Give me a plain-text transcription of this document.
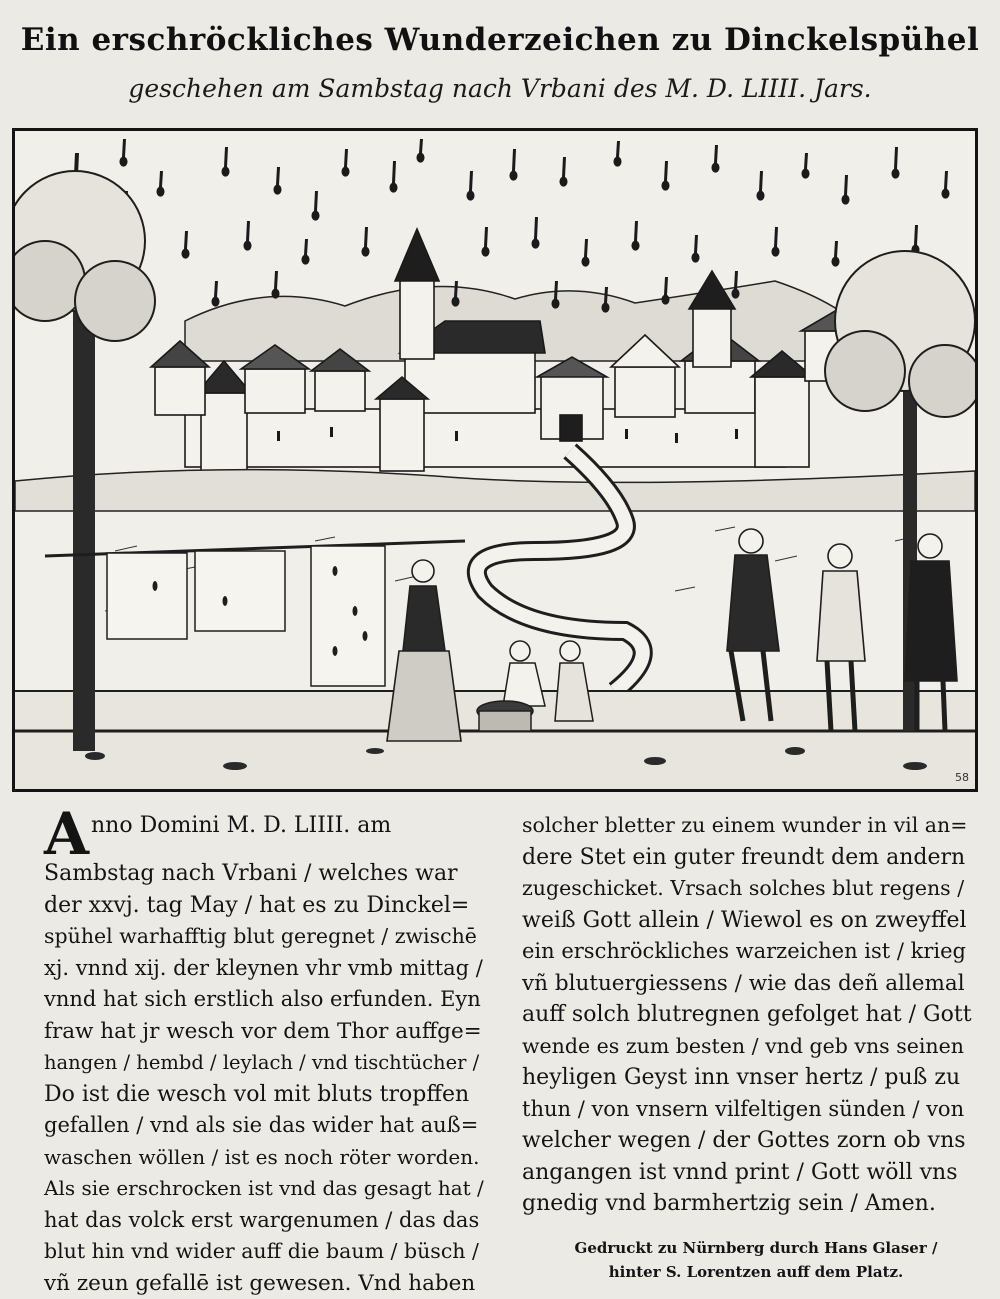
Ein erschröckliches Wunderzeichen zu Dinckelspühel
geschehen am Sambstag nach Vrbani des M. D. LIIII. Jars.
58
Anno Domini M. D. LIIII. am
Sambstag nach Vrbani / welches war
der xxvj. tag May / hat es zu Dinckel=
spühel warhafftig blut geregnet / zwischē
xj. vnnd xij. der kleynen vhr vmb mittag /
vnnd hat sich erstlich also erfunden. Eyn
fraw hat jr wesch vor dem Thor auffge=
hangen / hembd / leylach / vnd tischtücher /
Do ist die wesch vol mit bluts tropffen
gefallen / vnd als sie das wider hat auß=
waschen wöllen / ist es noch röter worden.
Als sie erschrocken ist vnd das gesagt hat /
hat das volck erst wargenumen / das das
blut hin vnd wider auff die baum / büsch /
vñ zeun gefallē ist gewesen. Vnd haben
solcher bletter zu einem wunder in vil an=
dere Stet ein guter freundt dem andern
zugeschicket. Vrsach solches blut regens /
weiß Gott allein / Wiewol es on zweyffel
ein erschröckliches warzeichen ist / krieg
vñ blutuergiessens / wie das deñ allemal
auff solch blutregnen gefolget hat / Gott
wende es zum besten / vnd geb vns seinen
heyligen Geyst inn vnser hertz / puß zu
thun / von vnsern vilfeltigen sünden / von
welcher wegen / der Gottes zorn ob vns
angangen ist vnnd print / Gott wöll vns
gnedig vnd barmhertzig sein / Amen.
Gedruckt zu Nürnberg durch Hans Glaser /
hinter S. Lorentzen auff dem Platz.
